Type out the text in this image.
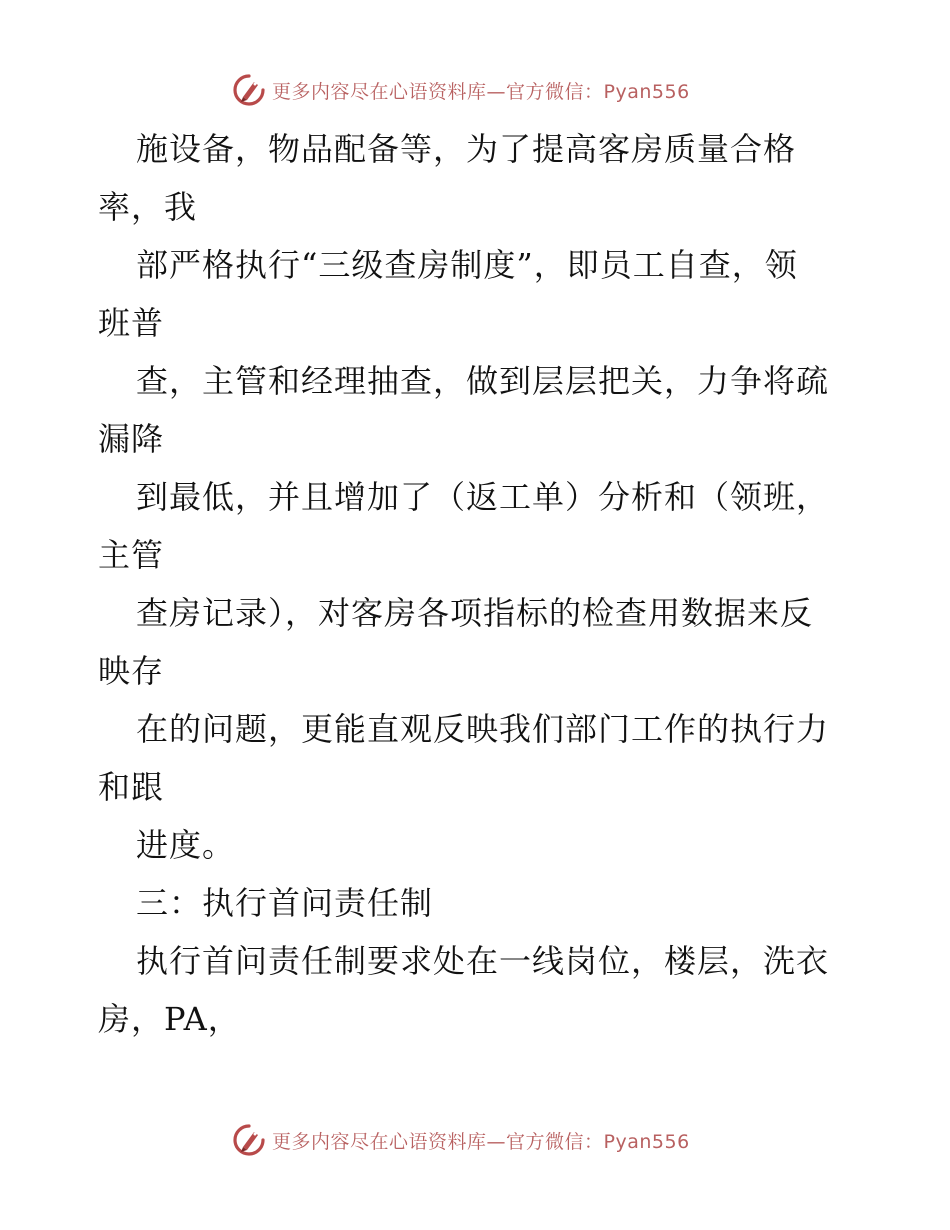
更多内容尽在心语资料库—官方微信：Pyan556
施设备，物品配备等，为了提高客房质量合格
率，我
部严格执行“三级查房制度”，即员工自查，领
班普
查，主管和经理抽查，做到层层把关，力争将疏
漏降
到最低，并且增加了（返工单）分析和（领班，
主管
查房记录），对客房各项指标的检查用数据来反
映存
在的问题，更能直观反映我们部门工作的执行力
和跟
进度。
三：执行首问责任制
执行首问责任制要求处在一线岗位，楼层，洗衣
房，PA，
更多内容尽在心语资料库—官方微信：Pyan556
